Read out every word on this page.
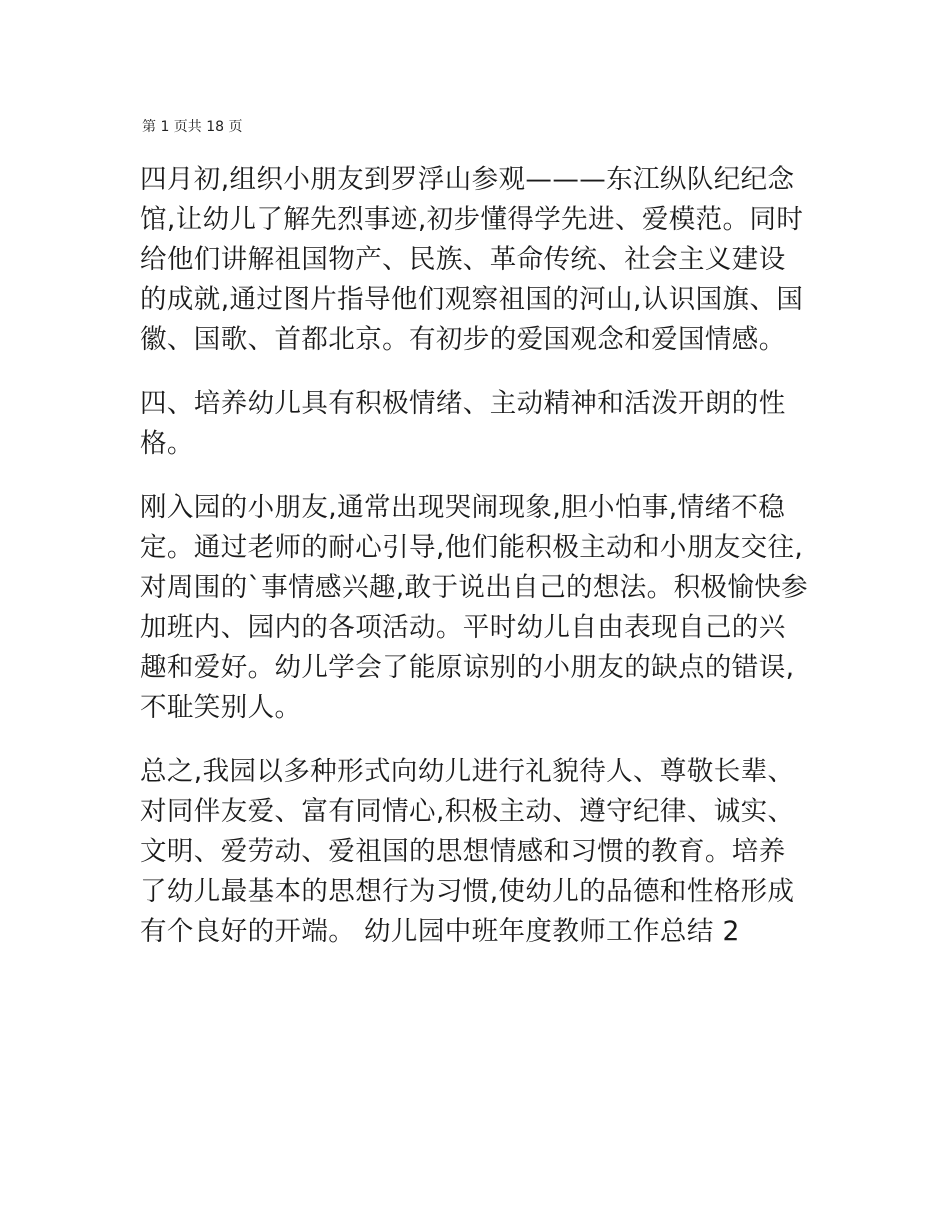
第 1 页共 18 页

四月初,组织小朋友到罗浮山参观———东江纵队纪纪念馆,让幼儿了解先烈事迹,初步懂得学先进、爱模范。同时给他们讲解祖国物产、民族、革命传统、社会主义建设的成就,通过图片指导他们观察祖国的河山,认识国旗、国徽、国歌、首都北京。有初步的爱国观念和爱国情感。

四、培养幼儿具有积极情绪、主动精神和活泼开朗的性格。

刚入园的小朋友,通常出现哭闹现象,胆小怕事,情绪不稳定。通过老师的耐心引导,他们能积极主动和小朋友交往,对周围的`事情感兴趣,敢于说出自己的想法。积极愉快参加班内、园内的各项活动。平时幼儿自由表现自己的兴趣和爱好。幼儿学会了能原谅别的小朋友的缺点的错误,不耻笑别人。

总之,我园以多种形式向幼儿进行礼貌待人、尊敬长辈、对同伴友爱、富有同情心,积极主动、遵守纪律、诚实、文明、爱劳动、爱祖国的思想情感和习惯的教育。培养了幼儿最基本的思想行为习惯,使幼儿的品德和性格形成有个良好的开端。 幼儿园中班年度教师工作总结 2
